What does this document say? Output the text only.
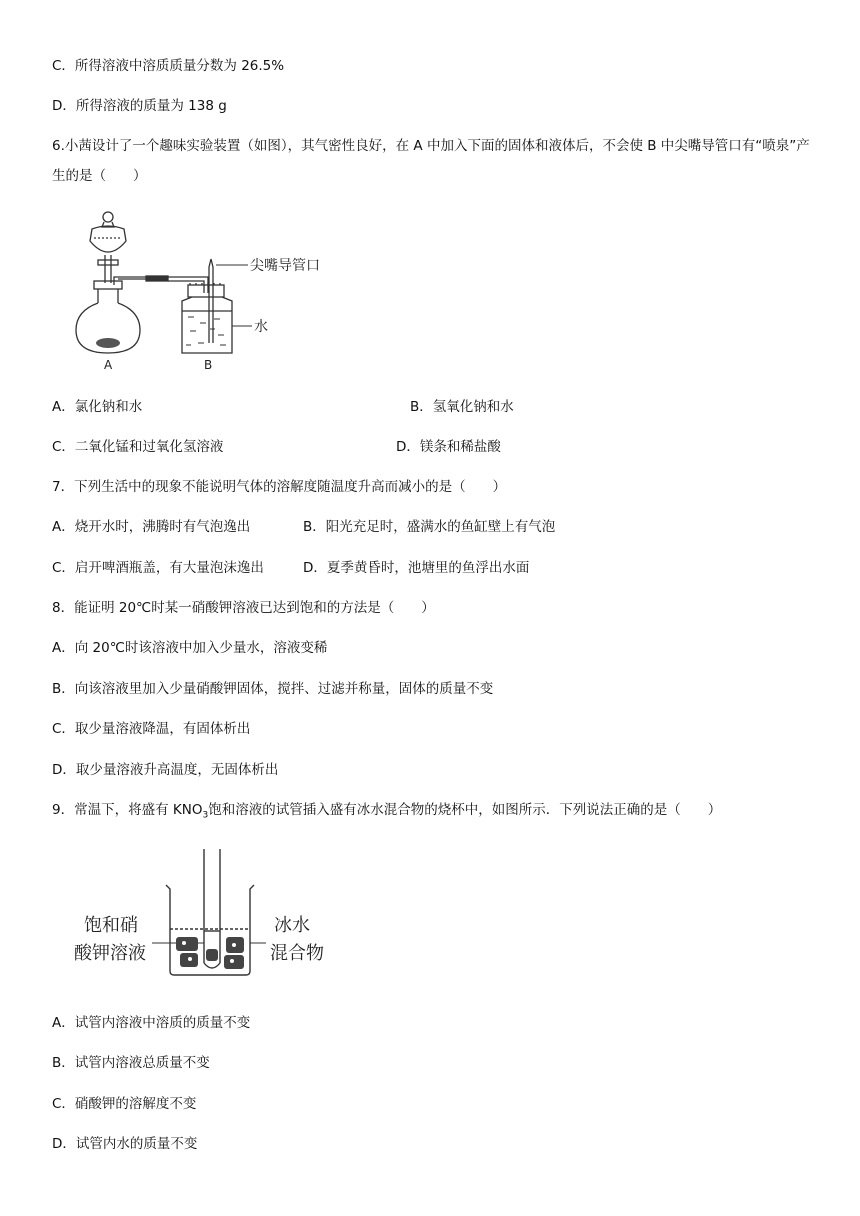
C．所得溶液中溶质质量分数为 26.5%
D．所得溶液的质量为 138 g
6.小茜设计了一个趣味实验装置（如图），其气密性良好，在 A 中加入下面的固体和液体后，不会使 B 中尖嘴导管口有“喷泉”产生的是（　　）
尖嘴导管口
水
A	B
A．氯化钠和水	B．氢氧化钠和水
C．二氧化锰和过氧化氢溶液	D．镁条和稀盐酸
7．下列生活中的现象不能说明气体的溶解度随温度升高而减小的是（　　）
A．烧开水时，沸腾时有气泡逸出	B．阳光充足时，盛满水的鱼缸壁上有气泡
C．启开啤酒瓶盖，有大量泡沫逸出	D．夏季黄昏时，池塘里的鱼浮出水面
8．能证明 20℃时某一硝酸钾溶液已达到饱和的方法是（　　）
A．向 20℃时该溶液中加入少量水，溶液变稀
B．向该溶液里加入少量硝酸钾固体，搅拌、过滤并称量，固体的质量不变
C．取少量溶液降温，有固体析出
D．取少量溶液升高温度，无固体析出
9．常温下，将盛有 $KNO_3$饱和溶液的试管插入盛有冰水混合物的烧杯中，如图所示．下列说法正确的是（　　）
饱和硝
酸钾溶液
冰水
混合物
A．试管内溶液中溶质的质量不变
B．试管内溶液总质量不变
C．硝酸钾的溶解度不变
D．试管内水的质量不变
